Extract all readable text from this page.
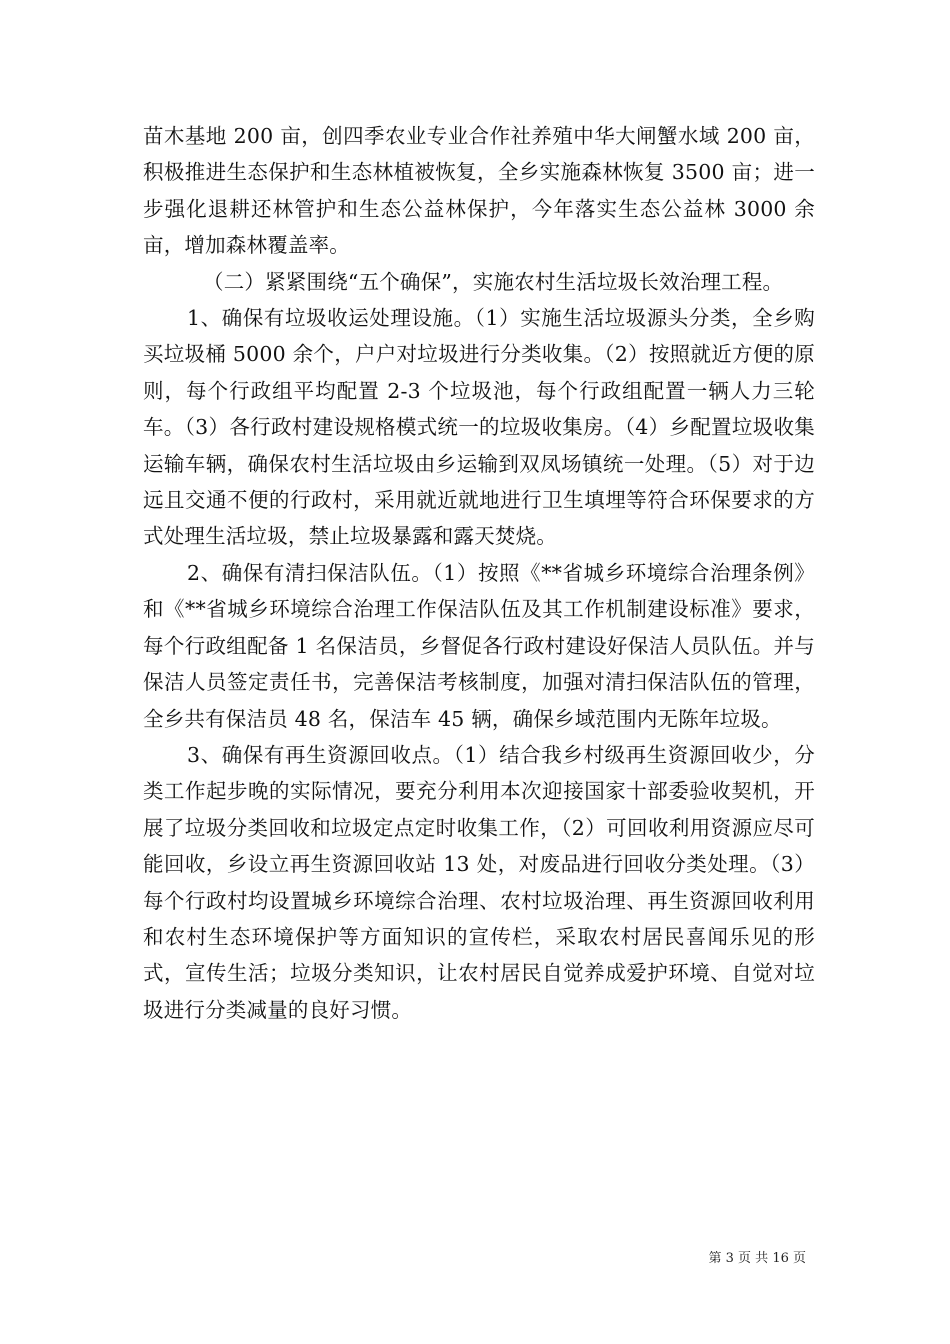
苗木基地 200 亩，创四季农业专业合作社养殖中华大闸蟹水域 200 亩，积极推进生态保护和生态林植被恢复，全乡实施森林恢复 3500 亩；进一步强化退耕还林管护和生态公益林保护，今年落实生态公益林 3000 余亩，增加森林覆盖率。

（二）紧紧围绕“五个确保”，实施农村生活垃圾长效治理工程。

1、确保有垃圾收运处理设施。（1）实施生活垃圾源头分类，全乡购买垃圾桶 5000 余个，户户对垃圾进行分类收集。（2）按照就近方便的原则，每个行政组平均配置 2-3 个垃圾池，每个行政组配置一辆人力三轮车。（3）各行政村建设规格模式统一的垃圾收集房。（4）乡配置垃圾收集运输车辆，确保农村生活垃圾由乡运输到双凤场镇统一处理。（5）对于边远且交通不便的行政村，采用就近就地进行卫生填埋等符合环保要求的方式处理生活垃圾，禁止垃圾暴露和露天焚烧。

2、确保有清扫保洁队伍。（1）按照《**省城乡环境综合治理条例》和《**省城乡环境综合治理工作保洁队伍及其工作机制建设标准》要求，每个行政组配备 1 名保洁员，乡督促各行政村建设好保洁人员队伍。并与保洁人员签定责任书，完善保洁考核制度，加强对清扫保洁队伍的管理，全乡共有保洁员 48 名，保洁车 45 辆，确保乡域范围内无陈年垃圾。

3、确保有再生资源回收点。（1）结合我乡村级再生资源回收少，分类工作起步晚的实际情况，要充分利用本次迎接国家十部委验收契机，开展了垃圾分类回收和垃圾定点定时收集工作，（2）可回收利用资源应尽可能回收，乡设立再生资源回收站 13 处，对废品进行回收分类处理。（3）每个行政村均设置城乡环境综合治理、农村垃圾治理、再生资源回收利用和农村生态环境保护等方面知识的宣传栏，采取农村居民喜闻乐见的形式，宣传生活；垃圾分类知识，让农村居民自觉养成爱护环境、自觉对垃圾进行分类减量的良好习惯。

第 3 页 共 16 页
